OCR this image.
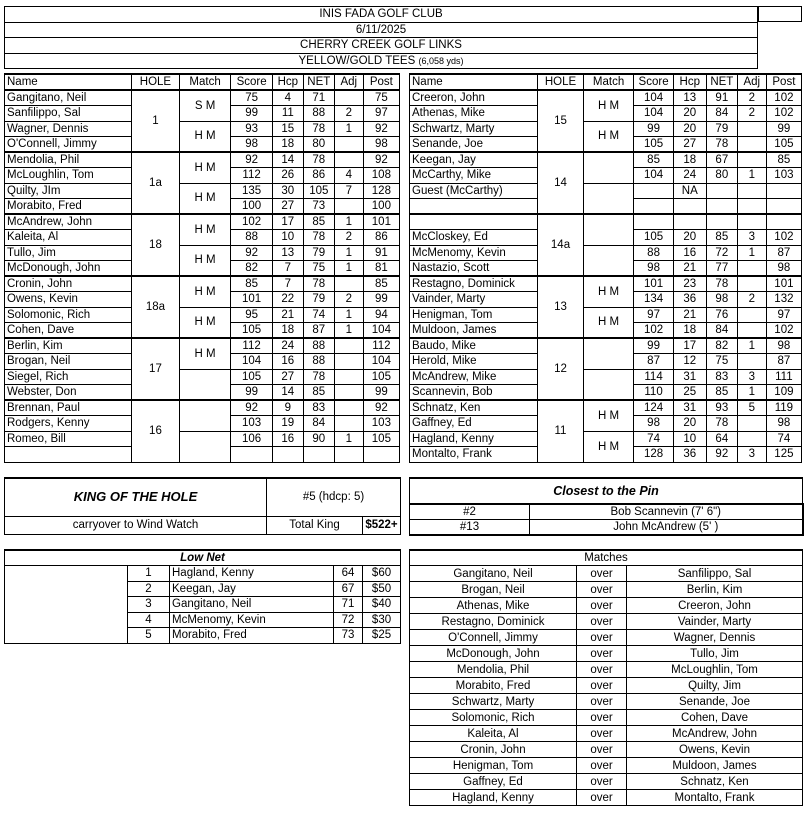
INIS FADA GOLF CLUB
6/11/2025
CHERRY CREEK GOLF LINKS
YELLOW/GOLD TEES (6,058 yds)
Name	HOLE	Match	Score	Hcp	NET	Adj	Post
Gangitano, Neil	1	S M	75	4	71		75
Sanfilippo, Sal			99	11	88	2	97
Wagner, Dennis		H M	93	15	78	1	92
O'Connell, Jimmy			98	18	80		98
Mendolia, Phil	1a	H M	92	14	78		92
McLoughlin, Tom			112	26	86	4	108
Quilty, JIm		H M	135	30	105	7	128
Morabito, Fred			100	27	73		100
McAndrew, John	18	H M	102	17	85	1	101
Kaleita, Al			88	10	78	2	86
Tullo, Jim		H M	92	13	79	1	91
McDonough, John			82	7	75	1	81
Cronin, John	18a	H M	85	7	78		85
Owens, Kevin			101	22	79	2	99
Solomonic, Rich		H M	95	21	74	1	94
Cohen, Dave			105	18	87	1	104
Berlin, Kim	17	H M	112	24	88		112
Brogan, Neil			104	16	88		104
Siegel, Rich			105	27	78		105
Webster, Don			99	14	85		99
Brennan, Paul	16		92	9	83		92
Rodgers, Kenny			103	19	84		103
Romeo, Bill			106	16	90	1	105

Name	HOLE	Match	Score	Hcp	NET	Adj	Post
Creeron, John	15	H M	104	13	91	2	102
Athenas, Mike			104	20	84	2	102
Schwartz, Marty		H M	99	20	79		99
Senande, Joe			105	27	78		105
Keegan, Jay	14		85	18	67		85
McCarthy, Mike			104	24	80	1	103
Guest (McCarthy)				NA			

	14a						
McCloskey, Ed			105	20	85	3	102
McMenomy, Kevin			88	16	72	1	87
Nastazio, Scott			98	21	77		98
Restagno, Dominick	13	H M	101	23	78		101
Vainder, Marty			134	36	98	2	132
Henigman, Tom		H M	97	21	76		97
Muldoon, James			102	18	84		102
Baudo, Mike	12		99	17	82	1	98
Herold, Mike			87	12	75		87
McAndrew, Mike			114	31	83	3	111
Scannevin, Bob			110	25	85	1	109
Schnatz, Ken	11	H M	124	31	93	5	119
Gaffney, Ed			98	20	78		98
Hagland, Kenny		H M	74	10	64		74
Montalto, Frank			128	36	92	3	125
KING OF THE HOLE	#5 (hdcp: 5)	
carryover to Wind Watch	Total King	$522+
Closest to the Pin	
#2	Bob Scannevin (7' 6")
#13	John McAndrew (5' )
Low Net				
	1	Hagland, Kenny	64	$60
	2	Keegan, Jay	67	$50
	3	Gangitano, Neil	71	$40
	4	McMenomy, Kevin	72	$30
	5	Morabito, Fred	73	$25

Matches		
Gangitano, Neil	over	Sanfilippo, Sal
Brogan, Neil	over	Berlin, Kim
Athenas, Mike	over	Creeron, John
Restagno, Dominick	over	Vainder, Marty
O'Connell, Jimmy	over	Wagner, Dennis
McDonough, John	over	Tullo, Jim
Mendolia, Phil	over	McLoughlin, Tom
Morabito, Fred	over	Quilty, Jim
Schwartz, Marty	over	Senande, Joe
Solomonic, Rich	over	Cohen, Dave
Kaleita, Al	over	McAndrew, John
Cronin, John	over	Owens, Kevin
Henigman, Tom	over	Muldoon, James
Gaffney, Ed	over	Schnatz, Ken
Hagland, Kenny	over	Montalto, Frank
